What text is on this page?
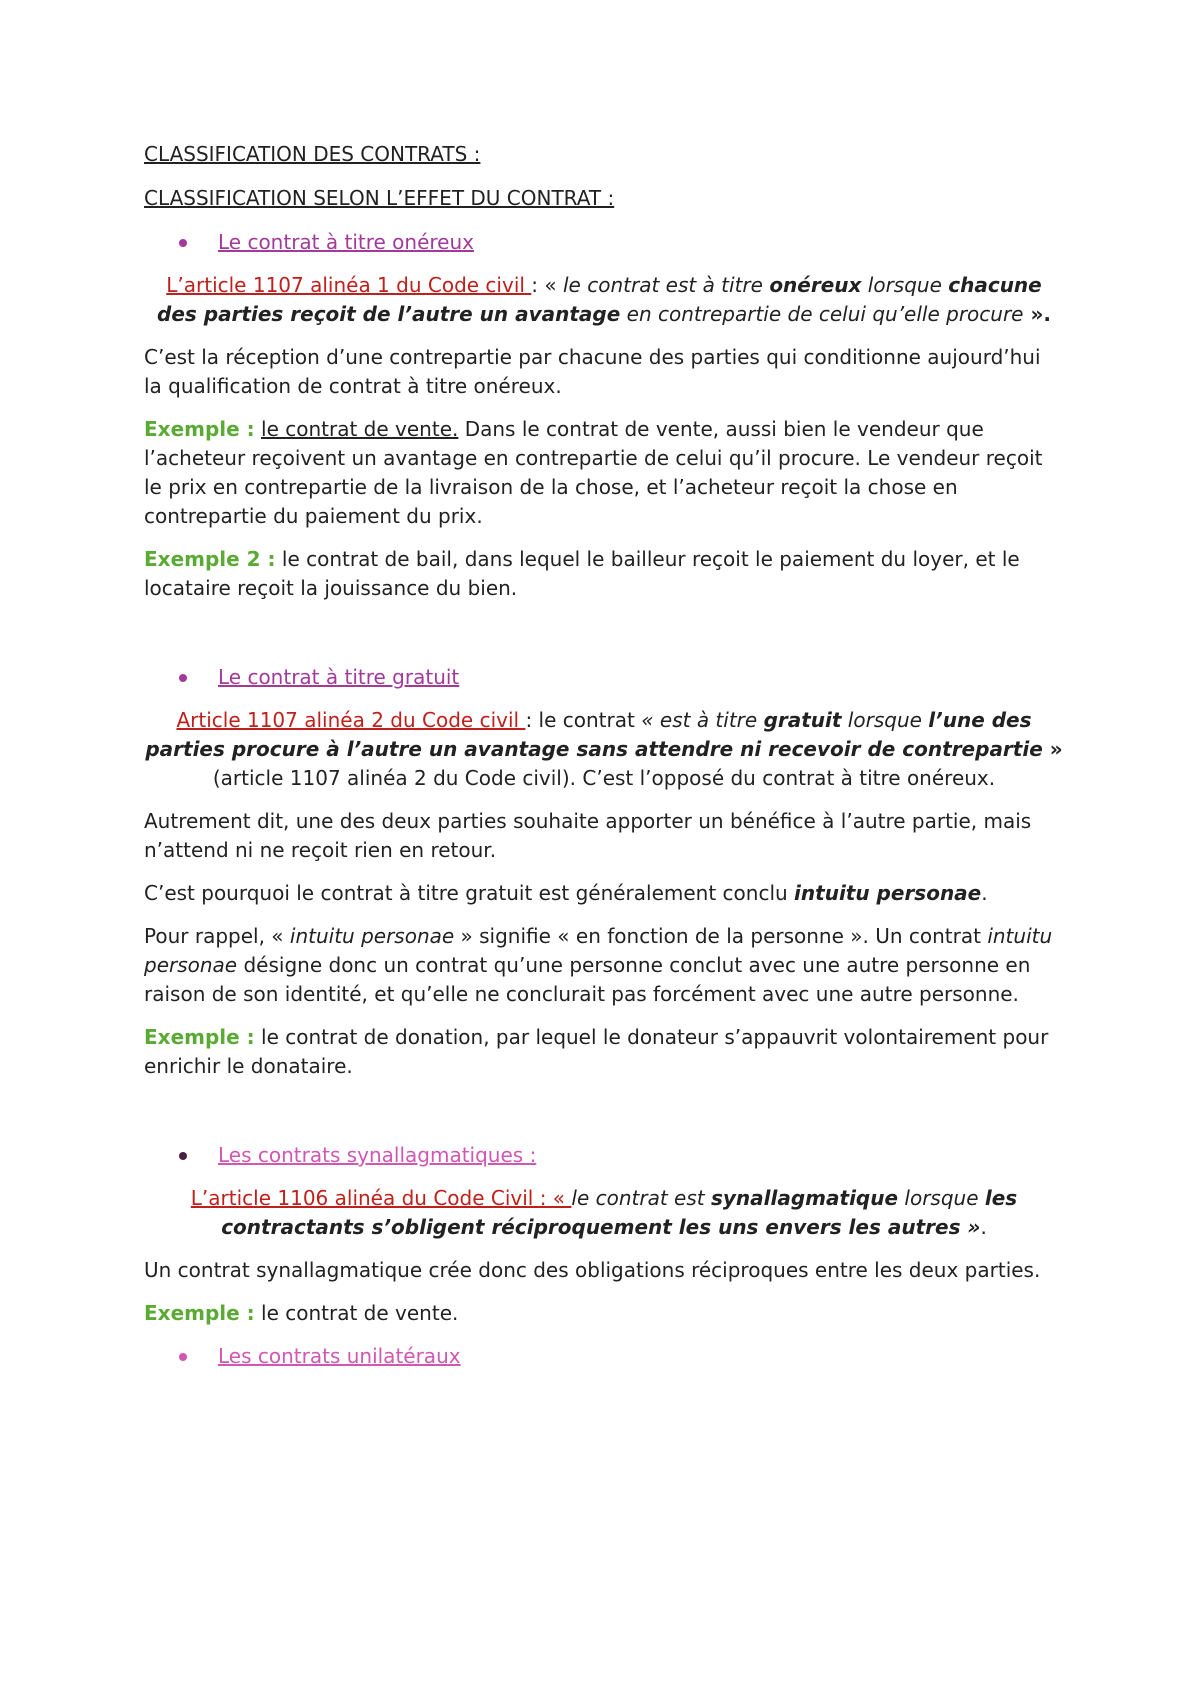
CLASSIFICATION DES CONTRATS :

CLASSIFICATION SELON L’EFFET DU CONTRAT :

Le contrat à titre onéreux

L’article 1107 alinéa 1 du Code civil : « le contrat est à titre onéreux lorsque chacune des parties reçoit de l’autre un avantage en contrepartie de celui qu’elle procure ».

C’est la réception d’une contrepartie par chacune des parties qui conditionne aujourd’hui la qualification de contrat à titre onéreux.

Exemple : le contrat de vente. Dans le contrat de vente, aussi bien le vendeur que l’acheteur reçoivent un avantage en contrepartie de celui qu’il procure. Le vendeur reçoit le prix en contrepartie de la livraison de la chose, et l’acheteur reçoit la chose en contrepartie du paiement du prix.

Exemple 2 : le contrat de bail, dans lequel le bailleur reçoit le paiement du loyer, et le locataire reçoit la jouissance du bien.

Le contrat à titre gratuit

Article 1107 alinéa 2 du Code civil : le contrat « est à titre gratuit lorsque l’une des parties procure à l’autre un avantage sans attendre ni recevoir de contrepartie » (article 1107 alinéa 2 du Code civil). C’est l’opposé du contrat à titre onéreux.

Autrement dit, une des deux parties souhaite apporter un bénéfice à l’autre partie, mais n’attend ni ne reçoit rien en retour.

C’est pourquoi le contrat à titre gratuit est généralement conclu intuitu personae.

Pour rappel, « intuitu personae » signifie « en fonction de la personne ». Un contrat intuitu personae désigne donc un contrat qu’une personne conclut avec une autre personne en raison de son identité, et qu’elle ne conclurait pas forcément avec une autre personne.

Exemple : le contrat de donation, par lequel le donateur s’appauvrit volontairement pour enrichir le donataire.

Les contrats synallagmatiques :

L’article 1106 alinéa du Code Civil : « le contrat est synallagmatique lorsque les contractants s’obligent réciproquement les uns envers les autres ».

Un contrat synallagmatique crée donc des obligations réciproques entre les deux parties.

Exemple : le contrat de vente.

Les contrats unilatéraux
